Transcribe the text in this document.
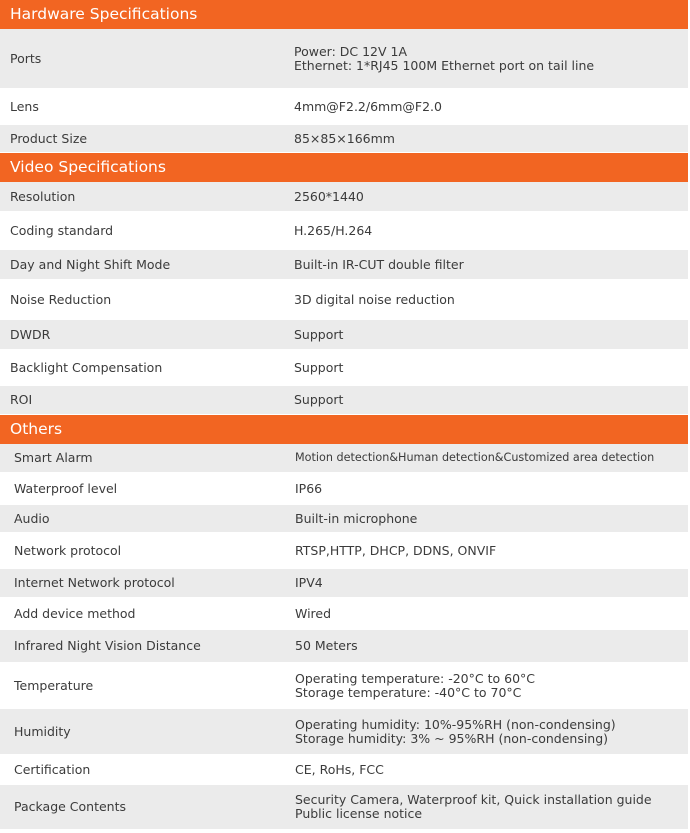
Hardware Specifications
Ports	Power: DC 12V 1A
Ethernet: 1*RJ45 100M Ethernet port on tail line
Lens	4mm@F2.2/6mm@F2.0
Product Size	85×85×166mm
Video Specifications
Resolution	2560*1440
Coding standard	H.265/H.264
Day and Night Shift Mode	Built-in IR-CUT double filter
Noise Reduction	3D digital noise reduction
DWDR	Support
Backlight Compensation	Support
ROI	Support
Others
Smart Alarm	Motion detection&Human detection&Customized area detection
Waterproof level	IP66
Audio	Built-in microphone
Network protocol	RTSP,HTTP, DHCP, DDNS, ONVIF
Internet Network protocol	IPV4
Add device method	Wired
Infrared Night Vision Distance	50 Meters
Temperature	Operating temperature: -20°C to 60°C
Storage temperature: -40°C to 70°C
Humidity	Operating humidity: 10%-95%RH (non-condensing)
Storage humidity: 3% ~ 95%RH (non-condensing)
Certification	CE, RoHs, FCC
Package Contents	Security Camera, Waterproof kit, Quick installation guide
Public license notice
